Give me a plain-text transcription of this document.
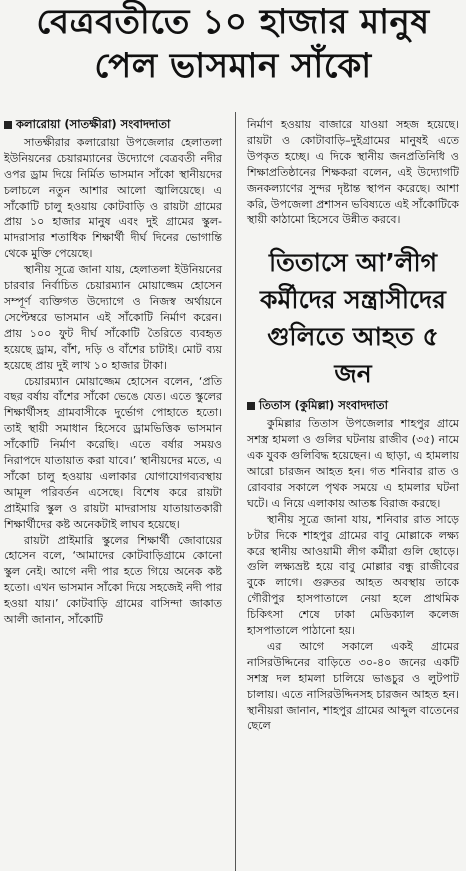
বেত্রবতীতে ১০ হাজার মানুষ
পেল ভাসমান সাঁকো
কলারোয়া (সাতক্ষীরা) সংবাদদাতা

সাতক্ষীরার কলারোয়া উপজেলার হেলাতলা ইউনিয়নের চেয়ারম্যানের উদ্যোগে বেত্রবতী নদীর ওপর ড্রাম দিয়ে নির্মিত ভাসমান সাঁকো স্থানীয়দের চলাচলে নতুন আশার আলো জ্বালিয়েছে। এ সাঁকোটি চালু হওয়ায় কোটবাড়ি ও রায়টা গ্রামের প্রায় ১০ হাজার মানুষ এবং দুই গ্রামের স্কুল-মাদরাসার শতাধিক শিক্ষার্থী দীর্ঘ দিনের ভোগান্তি থেকে মুক্তি পেয়েছে।

স্থানীয় সূত্রে জানা যায়, হেলাতলা ইউনিয়নের চারবার নির্বাচিত চেয়ারম্যান মোয়াজ্জেম হোসেন সম্পূর্ণ ব্যক্তিগত উদ্যোগে ও নিজস্ব অর্থায়নে সেপ্টেম্বরে ভাসমান এই সাঁকোটি নির্মাণ করেন। প্রায় ১০০ ফুট দীর্ঘ সাঁকোটি তৈরিতে ব্যবহৃত হয়েছে ড্রাম, বাঁশ, দড়ি ও বাঁশের চাটাই। মোট ব্যয় হয়েছে প্রায় দুই লাখ ১০ হাজার টাকা।

চেয়ারম্যান মোয়াজ্জেম হোসেন বলেন, ‘প্রতি বছর বর্ষায় বাঁশের সাঁকো ভেঙে যেত। এতে স্কুলের শিক্ষার্থীসহ গ্রামবাসীকে দুর্ভোগ পোহাতে হতো। তাই স্থায়ী সমাধান হিসেবে ড্রামভিত্তিক ভাসমান সাঁকোটি নির্মাণ করেছি। এতে বর্ষার সময়ও নিরাপদে যাতায়াত করা যাবে।’ স্থানীয়দের মতে, এ সাঁকো চালু হওয়ায় এলাকার যোগাযোগব্যবস্থায় আমূল পরিবর্তন এসেছে। বিশেষ করে রায়টা প্রাইমারি স্কুল ও রায়টা মাদরাসায় যাতায়াতকারী শিক্ষার্থীদের কষ্ট অনেকটাই লাঘব হয়েছে।

রায়টা প্রাইমারি স্কুলের শিক্ষার্থী জোবায়ের হোসেন বলে, ‘আমাদের কোটবাড়িগ্রামে কোনো স্কুল নেই। আগে নদী পার হতে গিয়ে অনেক কষ্ট হতো। এখন ভাসমান সাঁকো দিয়ে সহজেই নদী পার হওয়া যায়।’ কোটবাড়ি গ্রামের বাসিন্দা জাকাত আলী জানান, সাঁকোটি

নির্মাণ হওয়ায় বাজারে যাওয়া সহজ হয়েছে। রায়টা ও কোটাবাড়ি–দুইগ্রামের মানুষই এতে উপকৃত হচ্ছে। এ দিকে স্থানীয় জনপ্রতিনিধি ও শিক্ষাপ্রতিষ্ঠানের শিক্ষকরা বলেন, এই উদ্যোগটি জনকল্যাণের সুন্দর দৃষ্টান্ত স্থাপন করেছে। আশা করি, উপজেলা প্রশাসন ভবিষ্যতে এই সাঁকোটিকে স্থায়ী কাঠামো হিসেবে উন্নীত করবে।

তিতাসে আ’লীগ
কর্মীদের সন্ত্রাসীদের
গুলিতে আহত ৫ জন
তিতাস (কুমিল্লা) সংবাদদাতা

কুমিল্লার তিতাস উপজেলার শাহপুর গ্রামে সশস্ত্র হামলা ও গুলির ঘটনায় রাজীব (৩৫) নামে এক যুবক গুলিবিদ্ধ হয়েছেন। এ ছাড়া, এ হামলায় আরো চারজন আহত হন। গত শনিবার রাত ও রোববার সকালে পৃথক সময়ে এ হামলার ঘটনা ঘটে। এ নিয়ে এলাকায় আতঙ্ক বিরাজ করছে।

স্থানীয় সূত্রে জানা যায়, শনিবার রাত সাড়ে ৮টার দিকে শাহপুর গ্রামের বাবু মোল্লাকে লক্ষ্য করে স্থানীয় আওয়ামী লীগ কর্মীরা গুলি ছোড়ে। গুলি লক্ষ্যভ্রষ্ট হয়ে বাবু মোল্লার বন্ধু রাজীবের বুকে লাগে। গুরুতর আহত অবস্থায় তাকে গৌরীপুর হাসপাতালে নেয়া হলে প্রাথমিক চিকিৎসা শেষে ঢাকা মেডিক্যাল কলেজ হাসপাতালে পাঠানো হয়।

এর আগে সকালে একই গ্রামের নাসিরউদ্দিনের বাড়িতে ৩০-৪০ জনের একটি সশস্ত্র দল হামলা চালিয়ে ভাঙচুর ও লুটপাট চালায়। এতে নাসিরউদ্দিনসহ চারজন আহত হন। স্থানীয়রা জানান, শাহপুর গ্রামের আব্দুল বাতেনের ছেলে
